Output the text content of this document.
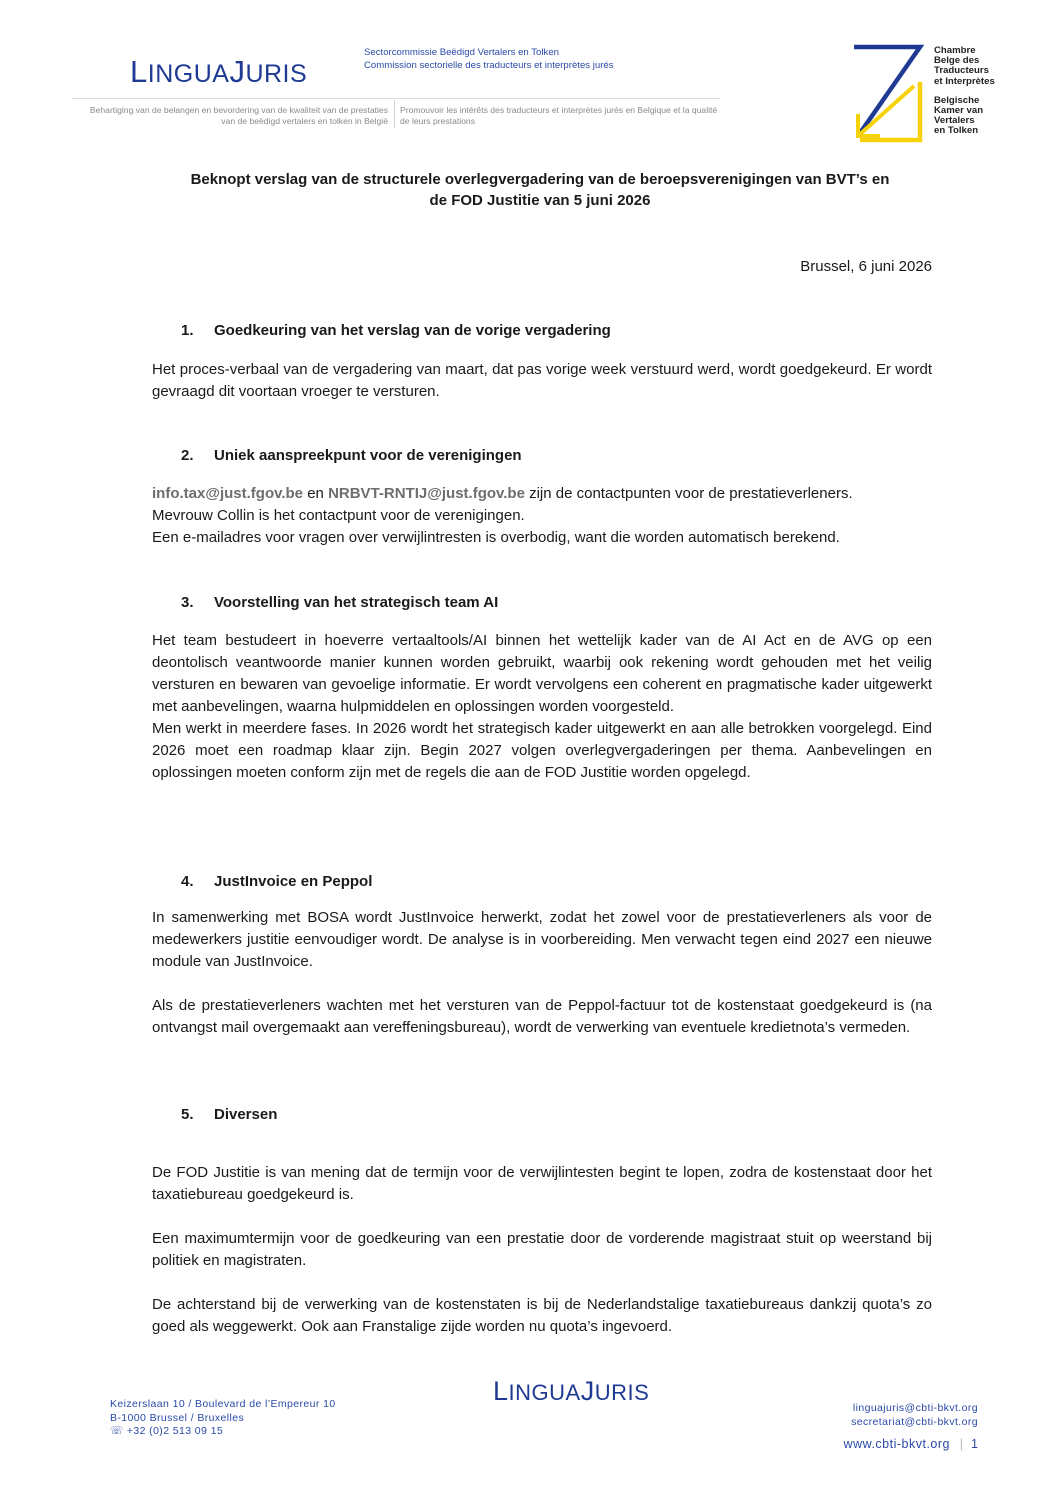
LINGUAJURIS
Sectorcommissie Beëdigd Vertalers en Tolken
Commission sectorielle des traducteurs et interprètes jurés
Behartiging van de belangen en bevordering van de kwaliteit van de prestaties van de beëdigd vertalers en tolken in België
Promouvoir les intérêts des traducteurs et interprètes jurés en Belgique et la qualité de leurs prestations
Chambre
Belge des
Traducteurs
et Interprètes
Belgische
Kamer van
Vertalers
en Tolken
Beknopt verslag van de structurele overlegvergadering van de beroepsverenigingen van BVT’s en
de FOD Justitie van 5 juni 2026
Brussel, 6 juni 2026
1. Goedkeuring van het verslag van de vorige vergadering

Het proces-verbaal van de vergadering van maart, dat pas vorige week verstuurd werd, wordt goedgekeurd. Er wordt gevraagd dit voortaan vroeger te versturen.

2. Uniek aanspreekpunt voor de verenigingen

info.tax@just.fgov.be en NRBVT-RNTIJ@just.fgov.be zijn de contactpunten voor de prestatieverleners.

Mevrouw Collin is het contactpunt voor de verenigingen.

Een e-mailadres voor vragen over verwijlintresten is overbodig, want die worden automatisch berekend.

3. Voorstelling van het strategisch team AI

Het team bestudeert in hoeverre vertaaltools/AI binnen het wettelijk kader van de AI Act en de AVG op een deontolisch veantwoorde manier kunnen worden gebruikt, waarbij ook rekening wordt gehouden met het veilig versturen en bewaren van gevoelige informatie. Er wordt vervolgens een coherent en pragmatische kader uitgewerkt met aanbevelingen, waarna hulpmiddelen en oplossingen worden voorgesteld.

Men werkt in meerdere fases. In 2026 wordt het strategisch kader uitgewerkt en aan alle betrokken voorgelegd. Eind 2026 moet een roadmap klaar zijn. Begin 2027 volgen overlegvergaderingen per thema. Aanbevelingen en oplossingen moeten conform zijn met de regels die aan de FOD Justitie worden opgelegd.

4. JustInvoice en Peppol

In samenwerking met BOSA wordt JustInvoice herwerkt, zodat het zowel voor de prestatieverleners als voor de medewerkers justitie eenvoudiger wordt. De analyse is in voorbereiding. Men verwacht tegen eind 2027 een nieuwe module van JustInvoice.

Als de prestatieverleners wachten met het versturen van de Peppol-factuur tot de kostenstaat goedgekeurd is (na ontvangst mail overgemaakt aan vereffeningsbureau), wordt de verwerking van eventuele kredietnota’s vermeden.

5. Diversen

De FOD Justitie is van mening dat de termijn voor de verwijlintesten begint te lopen, zodra de kostenstaat door het taxatiebureau goedgekeurd is.

Een maximumtermijn voor de goedkeuring van een prestatie door de vorderende magistraat stuit op weerstand bij politiek en magistraten.

De achterstand bij de verwerking van de kostenstaten is bij de Nederlandstalige taxatiebureaus dankzij quota’s zo goed als weggewerkt. Ook aan Franstalige zijde worden nu quota’s ingevoerd.

Keizerslaan 10 / Boulevard de l’Empereur 10
B-1000 Brussel / Bruxelles
☏ +32 (0)2 513 09 15
LINGUAJURIS
linguajuris@cbti-bkvt.org
secretariat@cbti-bkvt.org
www.cbti-bkvt.org | 1
